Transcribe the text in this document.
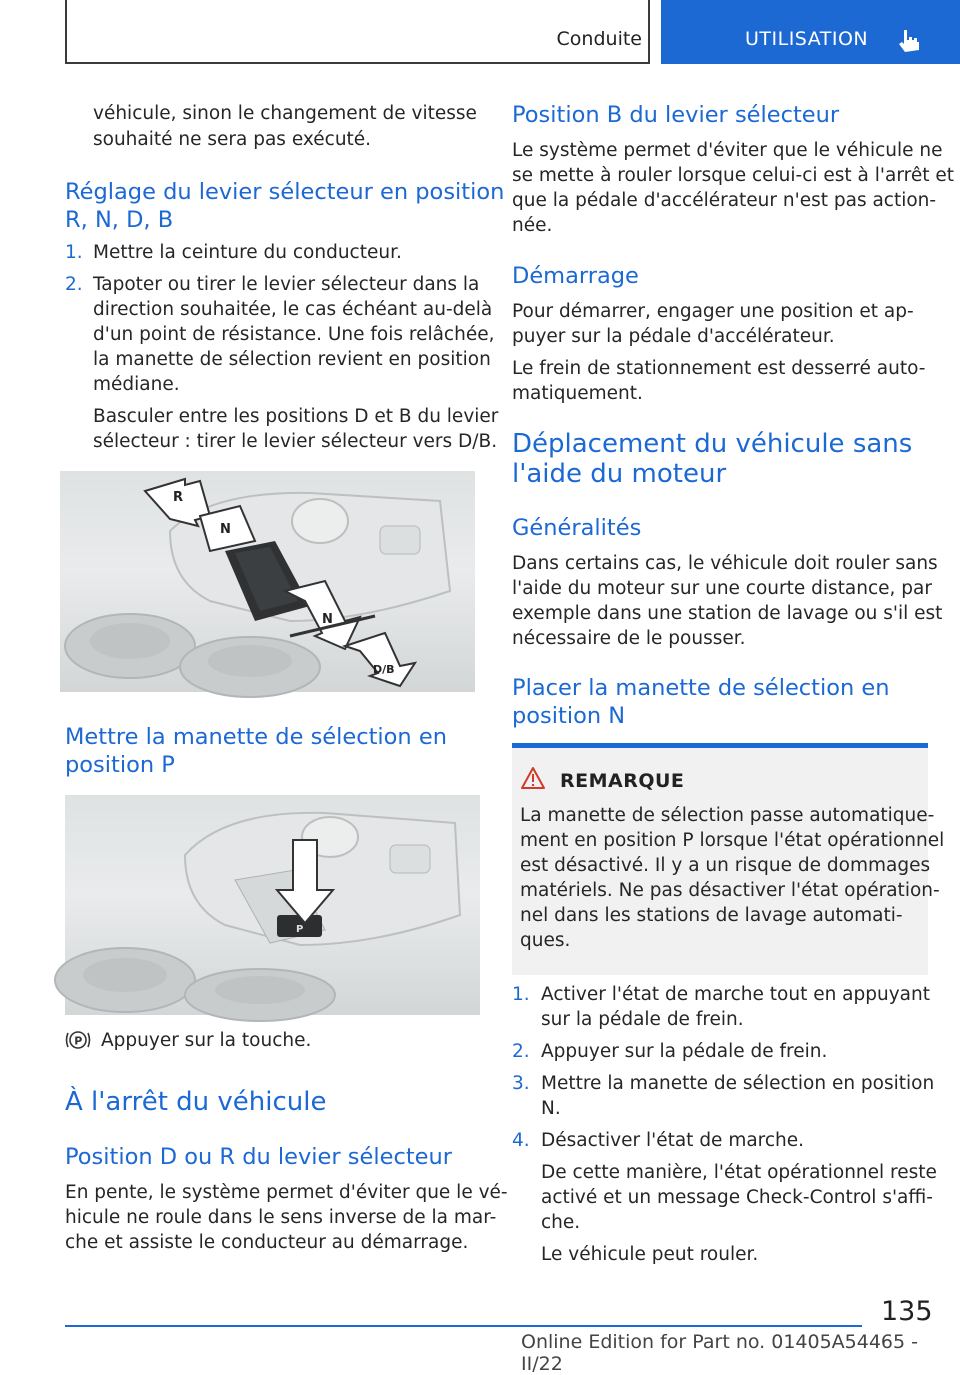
Conduite	UTILISATION
véhicule, sinon le changement de vitesse
souhaité ne sera pas exécuté.
Réglage du levier sélecteur en position
R, N, D, B
1. Mettre la ceinture du conducteur.
2. Tapoter ou tirer le levier sélecteur dans la
direction souhaitée, le cas échéant au-delà
d'un point de résistance. Une fois relâchée,
la manette de sélection revient en position
médiane.
Basculer entre les positions D et B du levier
sélecteur : tirer le levier sélecteur vers D/B.
R
N
N
D/B
Mettre la manette de sélection en
position P
P
P Appuyer sur la touche.
À l'arrêt du véhicule
Position D ou R du levier sélecteur
En pente, le système permet d'éviter que le vé-
hicule ne roule dans le sens inverse de la mar-
che et assiste le conducteur au démarrage.
Position B du levier sélecteur
Le système permet d'éviter que le véhicule ne
se mette à rouler lorsque celui-ci est à l'arrêt et
que la pédale d'accélérateur n'est pas action-
née.
Démarrage
Pour démarrer, engager une position et ap-
puyer sur la pédale d'accélérateur.
Le frein de stationnement est desserré auto-
matiquement.
Déplacement du véhicule sans
l'aide du moteur
Généralités
Dans certains cas, le véhicule doit rouler sans
l'aide du moteur sur une courte distance, par
exemple dans une station de lavage ou s'il est
nécessaire de le pousser.
Placer la manette de sélection en
position N
REMARQUE
La manette de sélection passe automatique-
ment en position P lorsque l'état opérationnel
est désactivé. Il y a un risque de dommages
matériels. Ne pas désactiver l'état opération-
nel dans les stations de lavage automati-
ques.
1. Activer l'état de marche tout en appuyant
sur la pédale de frein.
2. Appuyer sur la pédale de frein.
3. Mettre la manette de sélection en position
N.
4. Désactiver l'état de marche.
De cette manière, l'état opérationnel reste
activé et un message Check-Control s'affi-
che.
Le véhicule peut rouler.
135
Online Edition for Part no. 01405A54465 - II/22
